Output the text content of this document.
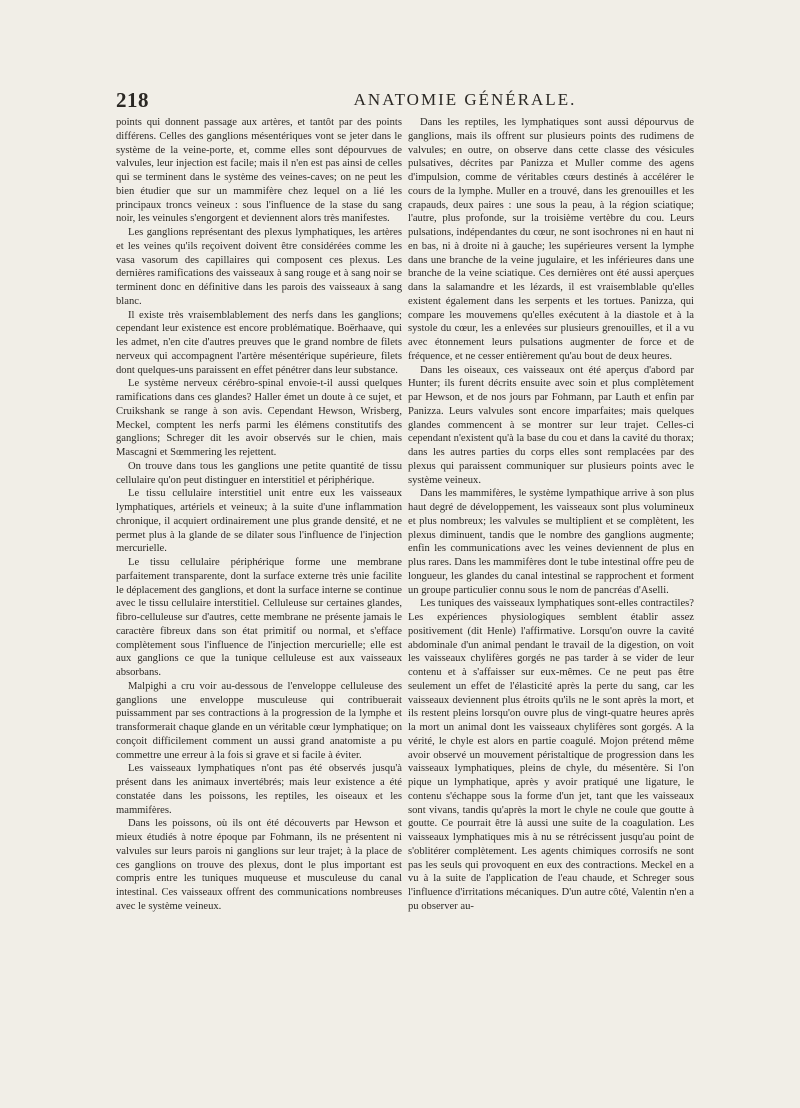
218	ANATOMIE GÉNÉRALE.

points qui donnent passage aux artères, et tantôt par des points différens. Celles des ganglions mésentériques vont se jeter dans le système de la veine-porte, et, comme elles sont dépourvues de valvules, leur injection est facile; mais il n'en est pas ainsi de celles qui se terminent dans le système des veines-caves; on ne peut les bien étudier que sur un mammifère chez lequel on a lié les principaux troncs veineux : sous l'influence de la stase du sang noir, les veinules s'engorgent et deviennent alors très manifestes.

Les ganglions représentant des plexus lymphatiques, les artères et les veines qu'ils reçoivent doivent être considérées comme les vasa vasorum des capillaires qui composent ces plexus. Les dernières ramifications des vaisseaux à sang rouge et à sang noir se terminent donc en définitive dans les parois des vaisseaux à sang blanc.

Il existe très vraisemblablement des nerfs dans les ganglions; cependant leur existence est encore problématique. Boërhaave, qui les admet, n'en cite d'autres preuves que le grand nombre de filets nerveux qui accompagnent l'artère mésentérique supérieure, filets dont quelques-uns paraissent en effet pénétrer dans leur substance.

Le système nerveux cérébro-spinal envoie-t-il aussi quelques ramifications dans ces glandes? Haller émet un doute à ce sujet, et Cruikshank se range à son avis. Cependant Hewson, Wrisberg, Meckel, comptent les nerfs parmi les élémens constitutifs des ganglions; Schreger dit les avoir observés sur le chien, mais Mascagni et Sœmmering les rejettent.

On trouve dans tous les ganglions une petite quantité de tissu cellulaire qu'on peut distinguer en interstitiel et périphérique.

Le tissu cellulaire interstitiel unit entre eux les vaisseaux lymphatiques, artériels et veineux; à la suite d'une inflammation chronique, il acquiert ordinairement une plus grande densité, et ne permet plus à la glande de se dilater sous l'influence de l'injection mercurielle.

Le tissu cellulaire périphérique forme une membrane parfaitement transparente, dont la surface externe très unie facilite le déplacement des ganglions, et dont la surface interne se continue avec le tissu cellulaire interstitiel. Celluleuse sur certaines glandes, fibro-celluleuse sur d'autres, cette membrane ne présente jamais le caractère fibreux dans son état primitif ou normal, et s'efface complètement sous l'influence de l'injection mercurielle; elle est aux ganglions ce que la tunique celluleuse est aux vaisseaux absorbans.

Malpighi a cru voir au-dessous de l'enveloppe celluleuse des ganglions une enveloppe musculeuse qui contribuerait puissamment par ses contractions à la progression de la lymphe et transformerait chaque glande en un véritable cœur lymphatique; on conçoit difficilement comment un aussi grand anatomiste a pu commettre une erreur à la fois si grave et si facile à éviter.

Les vaisseaux lymphatiques n'ont pas été observés jusqu'à présent dans les animaux invertébrés; mais leur existence a été constatée dans les poissons, les reptiles, les oiseaux et les mammifères.

Dans les poissons, où ils ont été découverts par Hewson et mieux étudiés à notre époque par Fohmann, ils ne présentent ni valvules sur leurs parois ni ganglions sur leur trajet; à la place de ces ganglions on trouve des plexus, dont le plus important est compris entre les tuniques muqueuse et musculeuse du canal intestinal. Ces vaisseaux offrent des communications nombreuses avec le système veineux.

Dans les reptiles, les lymphatiques sont aussi dépourvus de ganglions, mais ils offrent sur plusieurs points des rudimens de valvules; en outre, on observe dans cette classe des vésicules pulsatives, décrites par Panizza et Muller comme des agens d'impulsion, comme de véritables cœurs destinés à accélérer le cours de la lymphe. Muller en a trouvé, dans les grenouilles et les crapauds, deux paires : une sous la peau, à la région sciatique; l'autre, plus profonde, sur la troisième vertèbre du cou. Leurs pulsations, indépendantes du cœur, ne sont isochrones ni en haut ni en bas, ni à droite ni à gauche; les supérieures versent la lymphe dans une branche de la veine jugulaire, et les inférieures dans une branche de la veine sciatique. Ces dernières ont été aussi aperçues dans la salamandre et les lézards, il est vraisemblable qu'elles existent également dans les serpents et les tortues. Panizza, qui compare les mouvemens qu'elles exécutent à la diastole et à la systole du cœur, les a enlevées sur plusieurs grenouilles, et il a vu avec étonnement leurs pulsations augmenter de force et de fréquence, et ne cesser entièrement qu'au bout de deux heures.

Dans les oiseaux, ces vaisseaux ont été aperçus d'abord par Hunter; ils furent décrits ensuite avec soin et plus complètement par Hewson, et de nos jours par Fohmann, par Lauth et enfin par Panizza. Leurs valvules sont encore imparfaites; mais quelques glandes commencent à se montrer sur leur trajet. Celles-ci cependant n'existent qu'à la base du cou et dans la cavité du thorax; dans les autres parties du corps elles sont remplacées par des plexus qui paraissent communiquer sur plusieurs points avec le système veineux.

Dans les mammifères, le système lympathique arrive à son plus haut degré de développement, les vaisseaux sont plus volumineux et plus nombreux; les valvules se multiplient et se complètent, les plexus diminuent, tandis que le nombre des ganglions augmente; enfin les communications avec les veines deviennent de plus en plus rares. Dans les mammifères dont le tube intestinal offre peu de longueur, les glandes du canal intestinal se rapprochent et forment un groupe particulier connu sous le nom de pancréas d'Aselli.

Les tuniques des vaisseaux lymphatiques sont-elles contractiles? Les expériences physiologiques semblent établir assez positivement (dit Henle) l'affirmative. Lorsqu'on ouvre la cavité abdominale d'un animal pendant le travail de la digestion, on voit les vaisseaux chylifères gorgés ne pas tarder à se vider de leur contenu et à s'affaisser sur eux-mêmes. Ce ne peut pas être seulement un effet de l'élasticité après la perte du sang, car les vaisseaux deviennent plus étroits qu'ils ne le sont après la mort, et ils restent pleins lorsqu'on ouvre plus de vingt-quatre heures après la mort un animal dont les vaisseaux chylifères sont gorgés. A la vérité, le chyle est alors en partie coagulé. Mojon prétend même avoir observé un mouvement péristaltique de progression dans les vaisseaux lymphatiques, pleins de chyle, du mésentère. Si l'on pique un lymphatique, après y avoir pratiqué une ligature, le contenu s'échappe sous la forme d'un jet, tant que les vaisseaux sont vivans, tandis qu'après la mort le chyle ne coule que goutte à goutte. Ce pourrait être là aussi une suite de la coagulation. Les vaisseaux lymphatiques mis à nu se rétrécissent jusqu'au point de s'oblitérer complètement. Les agents chimiques corrosifs ne sont pas les seuls qui provoquent en eux des contractions. Meckel en a vu à la suite de l'application de l'eau chaude, et Schreger sous l'influence d'irritations mécaniques. D'un autre côté, Valentin n'en a pu observer au-
